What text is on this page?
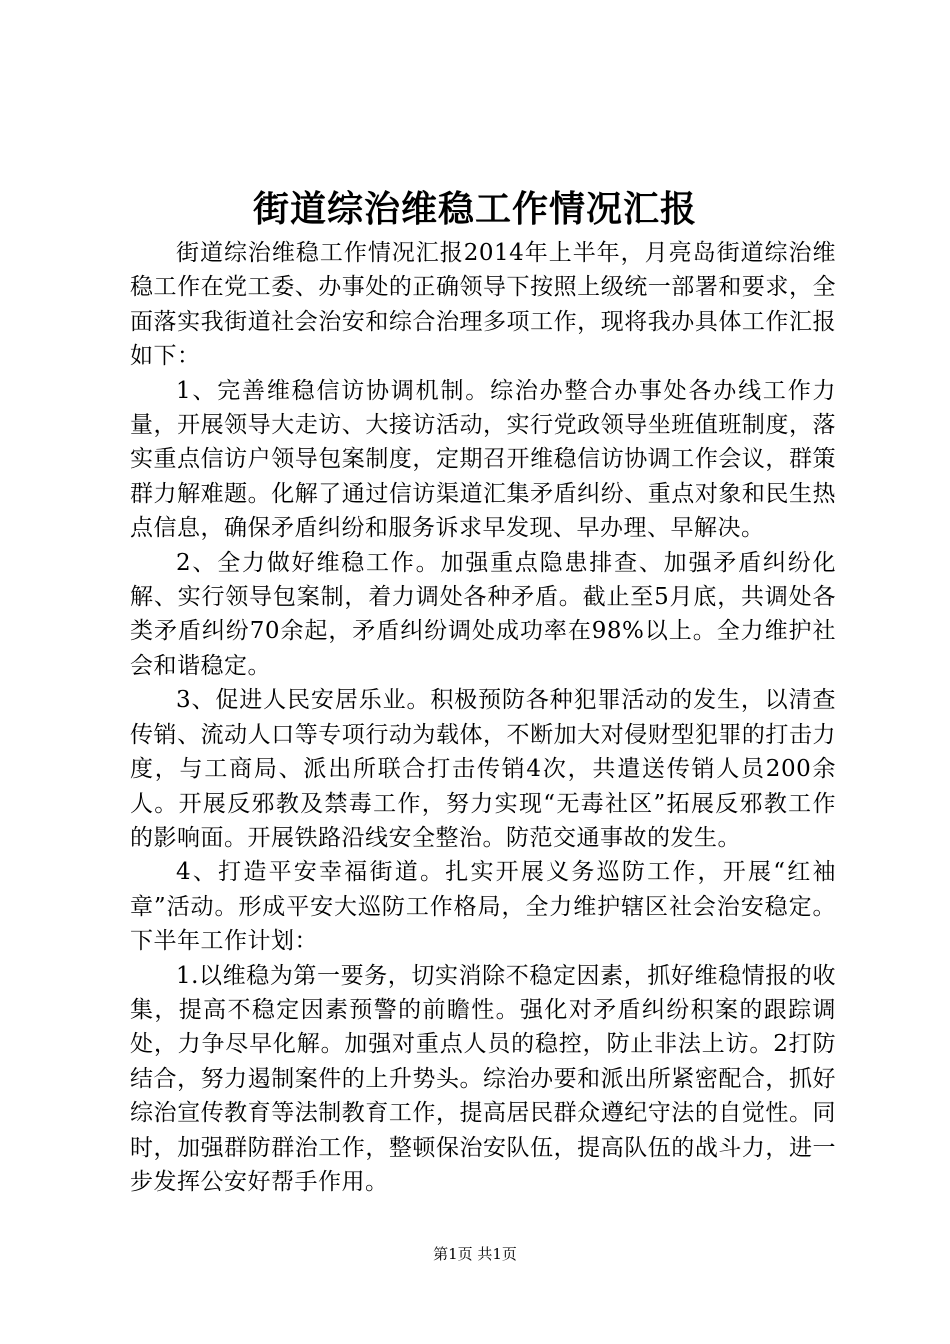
街道综治维稳工作情况汇报

街道综治维稳工作情况汇报2014年上半年，月亮岛街道综治维稳工作在党工委、办事处的正确领导下按照上级统一部署和要求，全面落实我街道社会治安和综合治理多项工作，现将我办具体工作汇报如下：

1、完善维稳信访协调机制。综治办整合办事处各办线工作力量，开展领导大走访、大接访活动，实行党政领导坐班值班制度，落实重点信访户领导包案制度，定期召开维稳信访协调工作会议，群策群力解难题。化解了通过信访渠道汇集矛盾纠纷、重点对象和民生热点信息，确保矛盾纠纷和服务诉求早发现、早办理、早解决。

2、全力做好维稳工作。加强重点隐患排查、加强矛盾纠纷化解、实行领导包案制，着力调处各种矛盾。截止至5月底，共调处各类矛盾纠纷70余起，矛盾纠纷调处成功率在98%以上。全力维护社会和谐稳定。

3、促进人民安居乐业。积极预防各种犯罪活动的发生，以清查传销、流动人口等专项行动为载体，不断加大对侵财型犯罪的打击力度，与工商局、派出所联合打击传销4次，共遣送传销人员200余人。开展反邪教及禁毒工作，努力实现“无毒社区”拓展反邪教工作的影响面。开展铁路沿线安全整治。防范交通事故的发生。

4、打造平安幸福街道。扎实开展义务巡防工作，开展“红袖章”活动。形成平安大巡防工作格局，全力维护辖区社会治安稳定。下半年工作计划：

1.以维稳为第一要务，切实消除不稳定因素，抓好维稳情报的收集，提高不稳定因素预警的前瞻性。强化对矛盾纠纷积案的跟踪调处，力争尽早化解。加强对重点人员的稳控，防止非法上访。2打防结合，努力遏制案件的上升势头。综治办要和派出所紧密配合，抓好综治宣传教育等法制教育工作，提高居民群众遵纪守法的自觉性。同时，加强群防群治工作，整顿保治安队伍，提高队伍的战斗力，进一步发挥公安好帮手作用。

第1页 共1页
